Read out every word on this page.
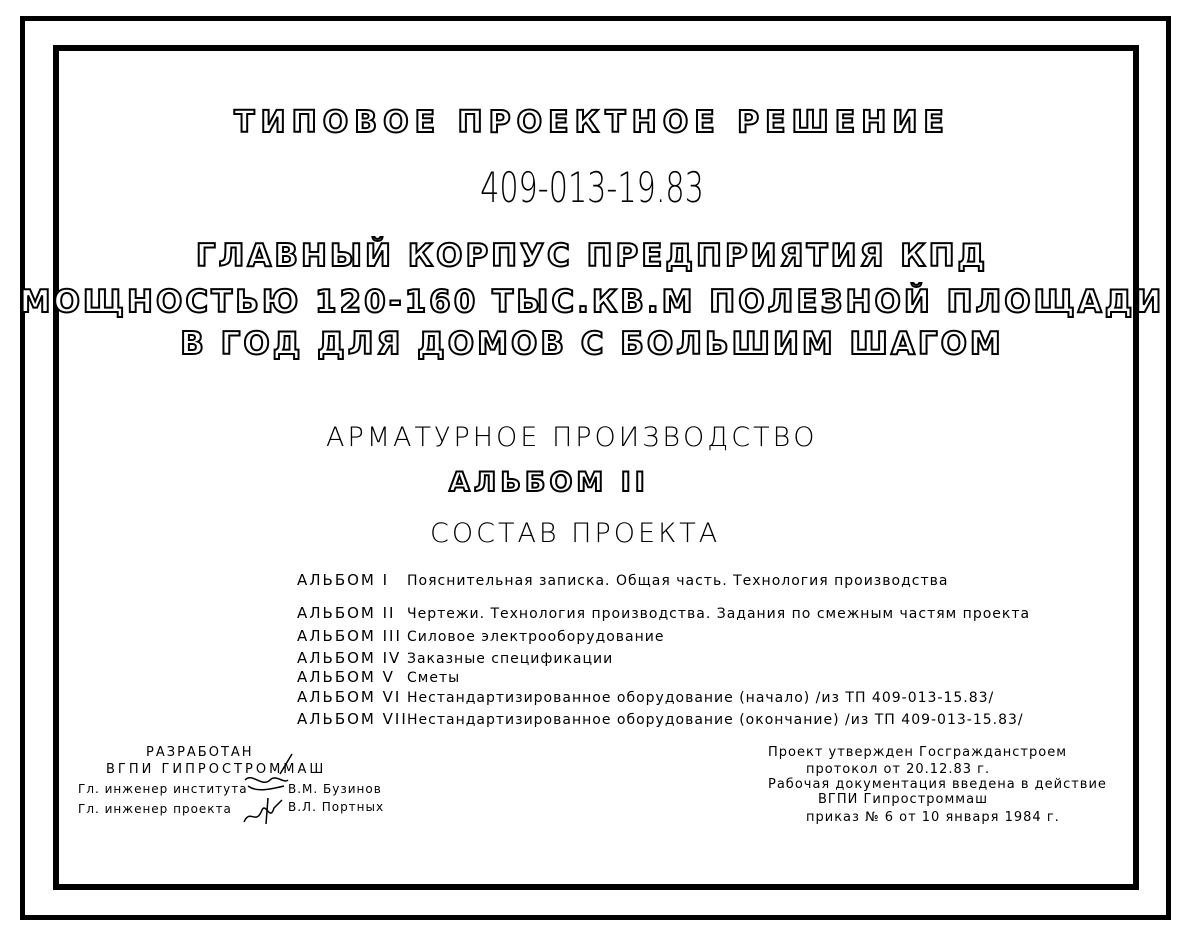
ТИПОВОЕ ПРОЕКТНОЕ РЕШЕНИЕ
409-013-19.83
ГЛАВНЫЙ КОРПУС ПРЕДПРИЯТИЯ КПД
МОЩНОСТЬЮ 120-160 ТЫС.КВ.М ПОЛЕЗНОЙ ПЛОЩАДИ
В ГОД ДЛЯ ДОМОВ С БОЛЬШИМ ШАГОМ
АРМАТУРНОЕ ПРОИЗВОДСТВО
АЛЬБОМ II
СОСТАВ ПРОЕКТА
АЛЬБОМ I Пояснительная записка. Общая часть. Технология производства
АЛЬБОМ II Чертежи. Технология производства. Задания по смежным частям проекта
АЛЬБОМ III Силовое электрооборудование
АЛЬБОМ IV Заказные спецификации
АЛЬБОМ V Сметы
АЛЬБОМ VI Нестандартизированное оборудование (начало) /из ТП 409-013-15.83/
АЛЬБОМ VIIНестандартизированное оборудование (окончание) /из ТП 409-013-15.83/
РАЗРАБОТАН
ВГПИ ГИПРОСТРОММАШ
Гл. инженер института	В.М. Бузинов
Гл. инженер проекта	В.Л. Портных
Проект утвержден Госгражданстроем
протокол от 20.12.83 г.
Рабочая документация введена в действие
ВГПИ Гипростроммаш
приказ № 6 от 10 января 1984 г.
